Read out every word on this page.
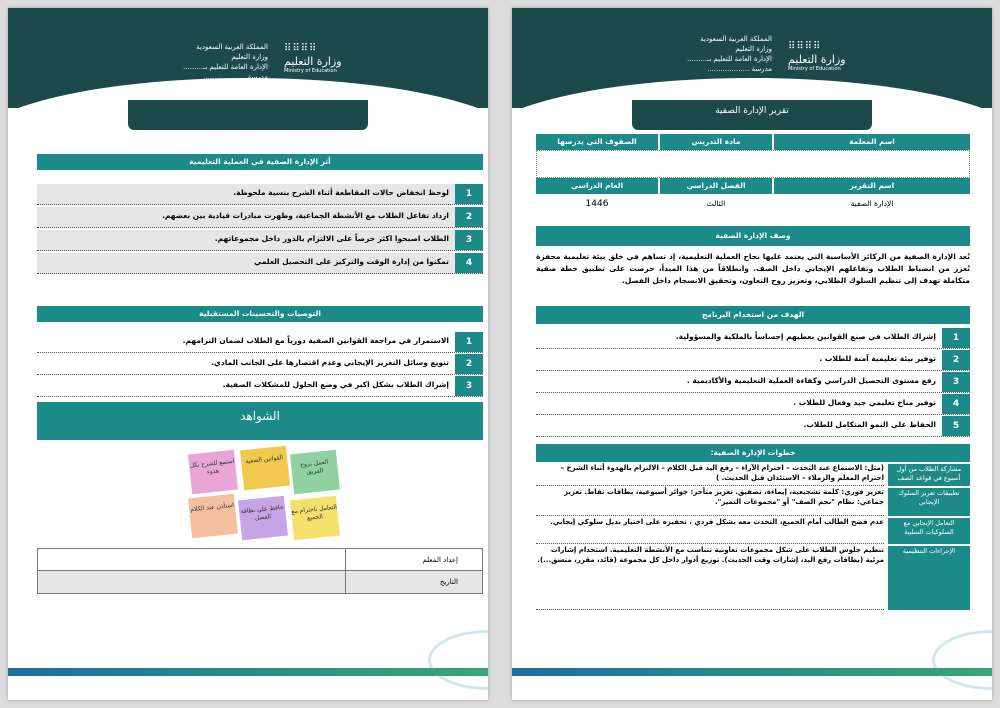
المملكة العربية السعودية
وزارة التعليم
الإدارة العامة للتعليم بـ.........
مدرسة ...................
⠿⠿⠿⠿
وزارة التعليم
Ministry of Education
أثر الإدارة الصفية في العملية التعليمية
1
لوحظ انخفاض حالات المقاطعة أثناء الشرح بنسبة ملحوظة.
2
ازداد تفاعل الطلاب مع الأنشطة الجماعية، وظهرت مبادرات قيادية بين بعضهم.
3
الطلاب اصبحوا اكثر حرصاً على الالتزام بالدور داخل مجموعاتهم.
4
تمكنوا من إدارة الوقت والتركيز على التحصيل العلمي
التوصيات والتحسينات المستقبلية
1
الاستمرار في مراجعة القوانين الصفية دورياً مع الطلاب لضمان التزامهم.
2
تنويع وسائل التعزيز الإيجابي وعدم اقتصارها على الجانب المادي.
3
إشراك الطلاب بشكل اكبر في وضع الحلول للمشكلات الصفية.
الشواهد
استمع للشرح بكل هدوء
القوانين الصفية	العمل بروح الفريق
استأذن عند الكلام	حافظ على نظافة الفصل
التعامل باحترام مع الجميع
إعداد المعلم
التاريخ
المملكة العربية السعودية
وزارة التعليم
الإدارة العامة للتعليم بـ.........
مدرسة ...................
⠿⠿⠿⠿
وزارة التعليم
Ministry of Education
تقرير الإدارة الصفية
اسم المعلمة
مادة التدريس
الصفوف التي يدرسها
اسم التقرير
الفصل الدراسي
العام الدراسي
الإدارة الصفية
الثالث
1446
وصف الإدارة الصفية
تُعد الإدارة الصفية من الركائز الأساسية التي يعتمد عليها نجاح العملية التعليمية، إذ تساهم في خلق بيئة تعليمية محفزة تُعزز من انضباط الطلاب وتفاعلهم الإيجابي داخل الصف. وانطلاقاً من هذا المبدأ، حرصت على تطبيق خطة صفية متكاملة تهدف إلى تنظيم السلوك الطلابي، وتعزيز روح التعاون، وتحقيق الانسجام داخل الفصل.
الهدف من استخدام البرنامج
1
إشراك الطلاب في صنع القوانين بعطيهم إحساساً بالملكية والمسؤولية.
2
توفير بيئة تعليمية آمنة للطلاب .
3
رفع مستوى التحصيل الدراسي وكفاءة العملية التعليمية والأكاديمية .
4
توفير مناخ تعليمي جيد وفعال للطلاب .
5
الحفاظ على النمو المتكامل للطلاب.
خطوات الإدارة الصفية:
مشاركة الطلاب من أول أسبوع في قواعد الصف
(مثل: الاستماع عند التحدث – احترام الآراء – رفع اليد قبل الكلام – الالتزام بالهدوء أثناء الشرح – احترام المعلم والزملاء – الاستئذان قبل الحديث. )
تطبيقات تعزيز السلوك الإيجابي
تعزيز فوري: كلمة تشجيعية، إيماءة، تصفيق. تعزيز متأخر: جوائز أسبوعية، بطاقات نقاط. تعزيز جماعي: نظام "نجم الصف" أو "مجموعات التميز".
التعامل الإيجابي مع السلوكيات السلبية
عدم فضح الطالب أمام الجميع، التحدث معه بشكل فردي ، تحفيزه على اختيار بديل سلوكي إيجابي.
الإجراءات التنظيمية
تنظيم جلوس الطلاب على شكل مجموعات تعاونية تتناسب مع الأنشطة التعليمية. استخدام إشارات مرئية (بطاقات رفع اليد، إشارات وقت الحديث). توزيع أدوار داخل كل مجموعة (قائد، مقرر، منسق...).
